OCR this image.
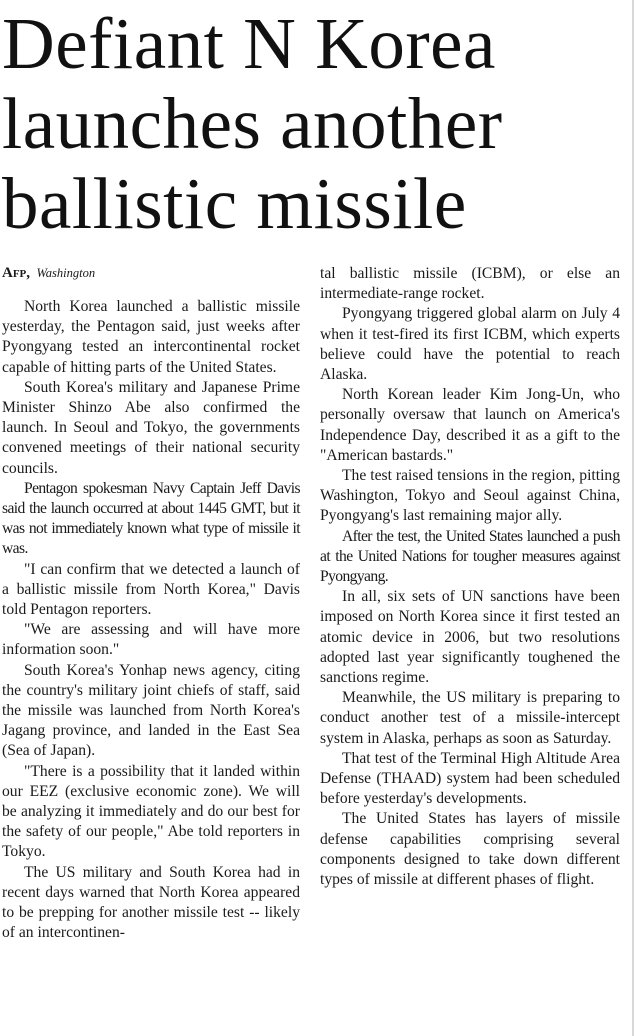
Defiant N Korea
launches another
ballistic missile
Afp, Washington

North Korea launched a ballistic missile yesterday, the Pentagon said, just weeks after Pyongyang tested an intercontinental rocket capable of hitting parts of the United States.

South Korea's military and Japanese Prime Minister Shinzo Abe also confirmed the launch. In Seoul and Tokyo, the governments convened meetings of their national security councils.

Pentagon spokesman Navy Captain Jeff Davis said the launch occurred at about 1445 GMT, but it was not immediately known what type of missile it was.

"I can confirm that we detected a launch of a ballistic missile from North Korea," Davis told Pentagon reporters.

"We are assessing and will have more information soon."

South Korea's Yonhap news agency, citing the country's military joint chiefs of staff, said the missile was launched from North Korea's Jagang province, and landed in the East Sea (Sea of Japan).

"There is a possibility that it landed within our EEZ (exclusive economic zone). We will be analyzing it immediately and do our best for the safety of our people," Abe told reporters in Tokyo.

The US military and South Korea had in recent days warned that North Korea appeared to be prepping for another missile test -- likely of an intercontinen-

tal ballistic missile (ICBM), or else an intermediate-range rocket.

Pyongyang triggered global alarm on July 4 when it test-fired its first ICBM, which experts believe could have the potential to reach Alaska.

North Korean leader Kim Jong-Un, who personally oversaw that launch on America's Independence Day, described it as a gift to the "American bastards."

The test raised tensions in the region, pitting Washington, Tokyo and Seoul against China, Pyongyang's last remaining major ally.

After the test, the United States launched a push at the United Nations for tougher measures against Pyongyang.

In all, six sets of UN sanctions have been imposed on North Korea since it first tested an atomic device in 2006, but two resolutions adopted last year significantly toughened the sanctions regime.

Meanwhile, the US military is preparing to conduct another test of a missile-intercept system in Alaska, perhaps as soon as Saturday.

That test of the Terminal High Altitude Area Defense (THAAD) system had been scheduled before yesterday's developments.

The United States has layers of missile defense capabilities comprising several components designed to take down different types of missile at different phases of flight.
